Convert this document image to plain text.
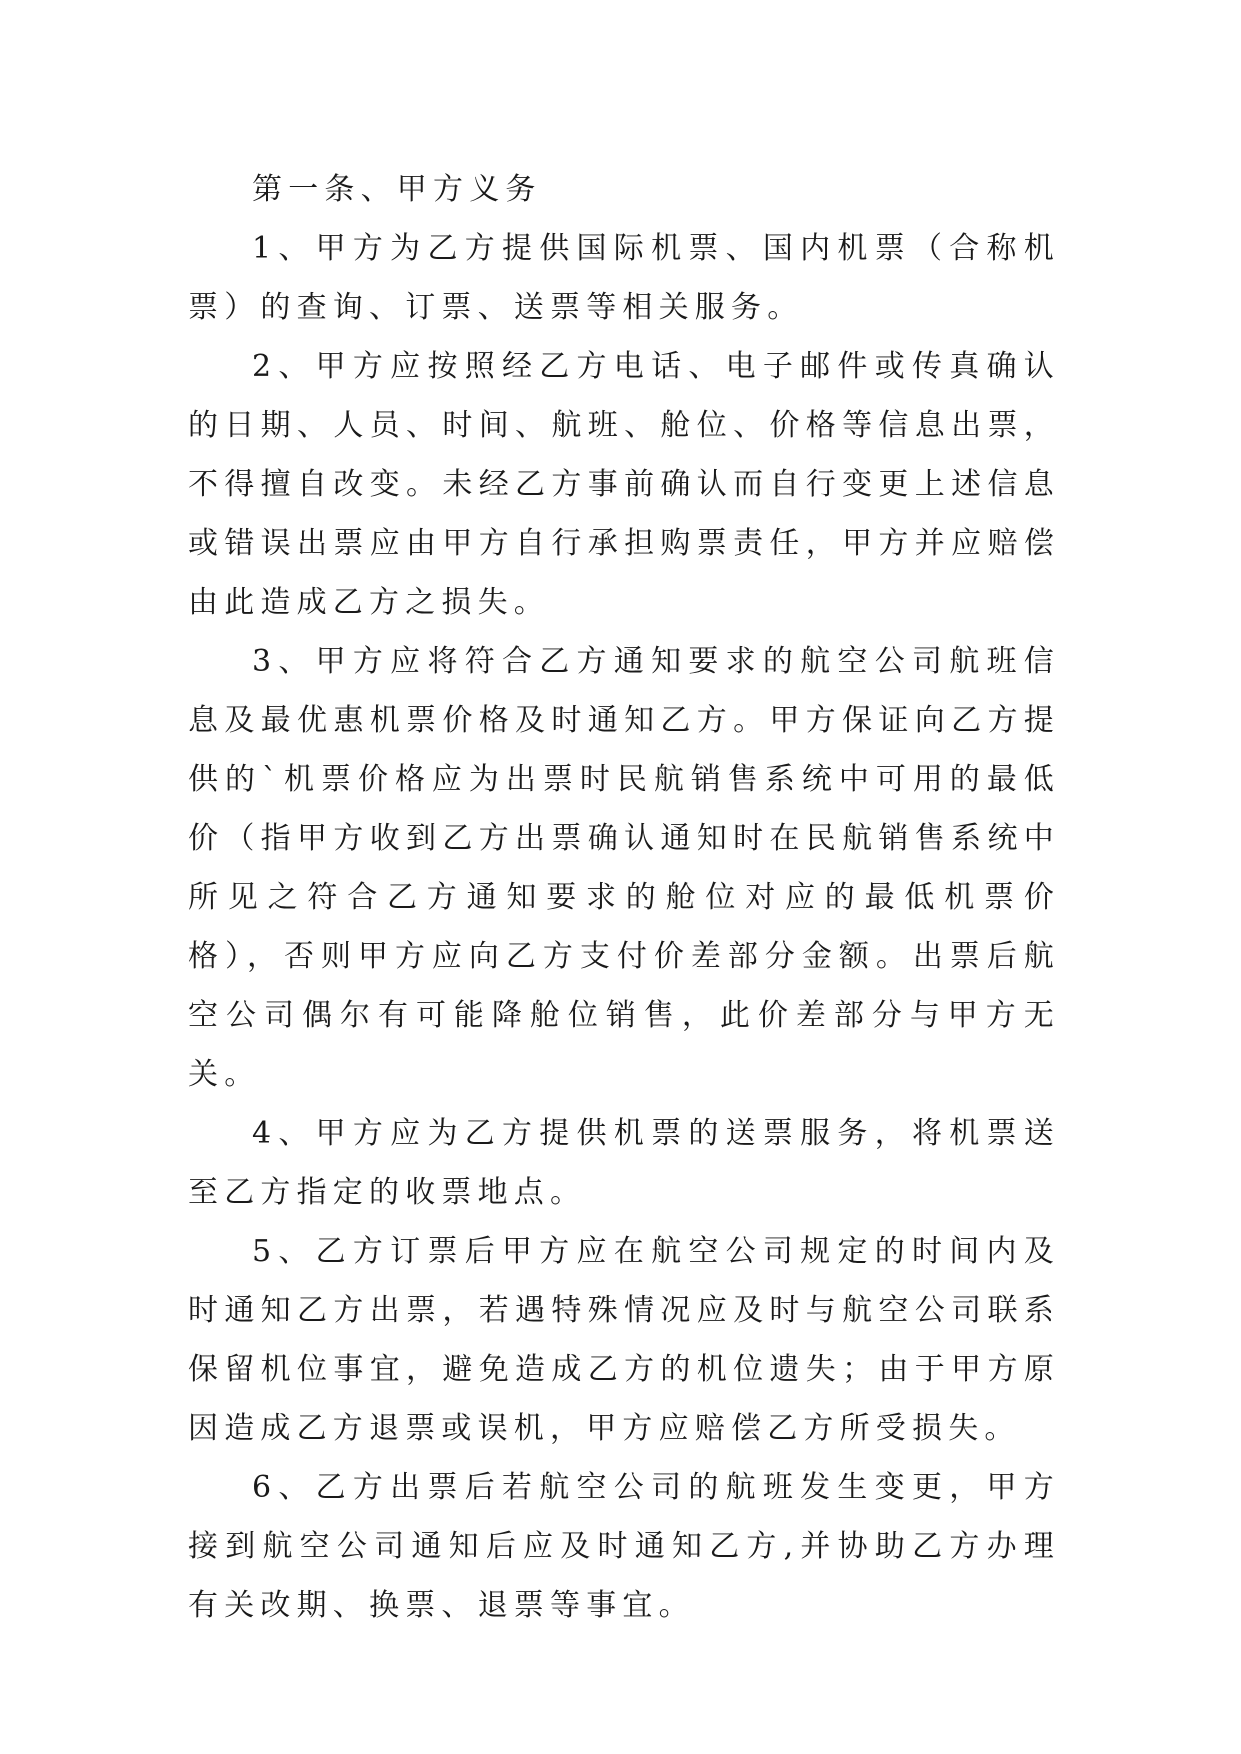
第一条、甲方义务

1、甲方为乙方提供国际机票、国内机票（合称机票）的查询、订票、送票等相关服务。

2、甲方应按照经乙方电话、电子邮件或传真确认的日期、人员、时间、航班、舱位、价格等信息出票，不得擅自改变。未经乙方事前确认而自行变更上述信息或错误出票应由甲方自行承担购票责任，甲方并应赔偿由此造成乙方之损失。

3、甲方应将符合乙方通知要求的航空公司航班信息及最优惠机票价格及时通知乙方。甲方保证向乙方提供的`机票价格应为出票时民航销售系统中可用的最低价（指甲方收到乙方出票确认通知时在民航销售系统中所见之符合乙方通知要求的舱位对应的最低机票价格），否则甲方应向乙方支付价差部分金额。出票后航空公司偶尔有可能降舱位销售，此价差部分与甲方无关。

4、甲方应为乙方提供机票的送票服务，将机票送至乙方指定的收票地点。

5、乙方订票后甲方应在航空公司规定的时间内及时通知乙方出票，若遇特殊情况应及时与航空公司联系保留机位事宜，避免造成乙方的机位遗失；由于甲方原因造成乙方退票或误机，甲方应赔偿乙方所受损失。

6、乙方出票后若航空公司的航班发生变更，甲方接到航空公司通知后应及时通知乙方,并协助乙方办理有关改期、换票、退票等事宜。
